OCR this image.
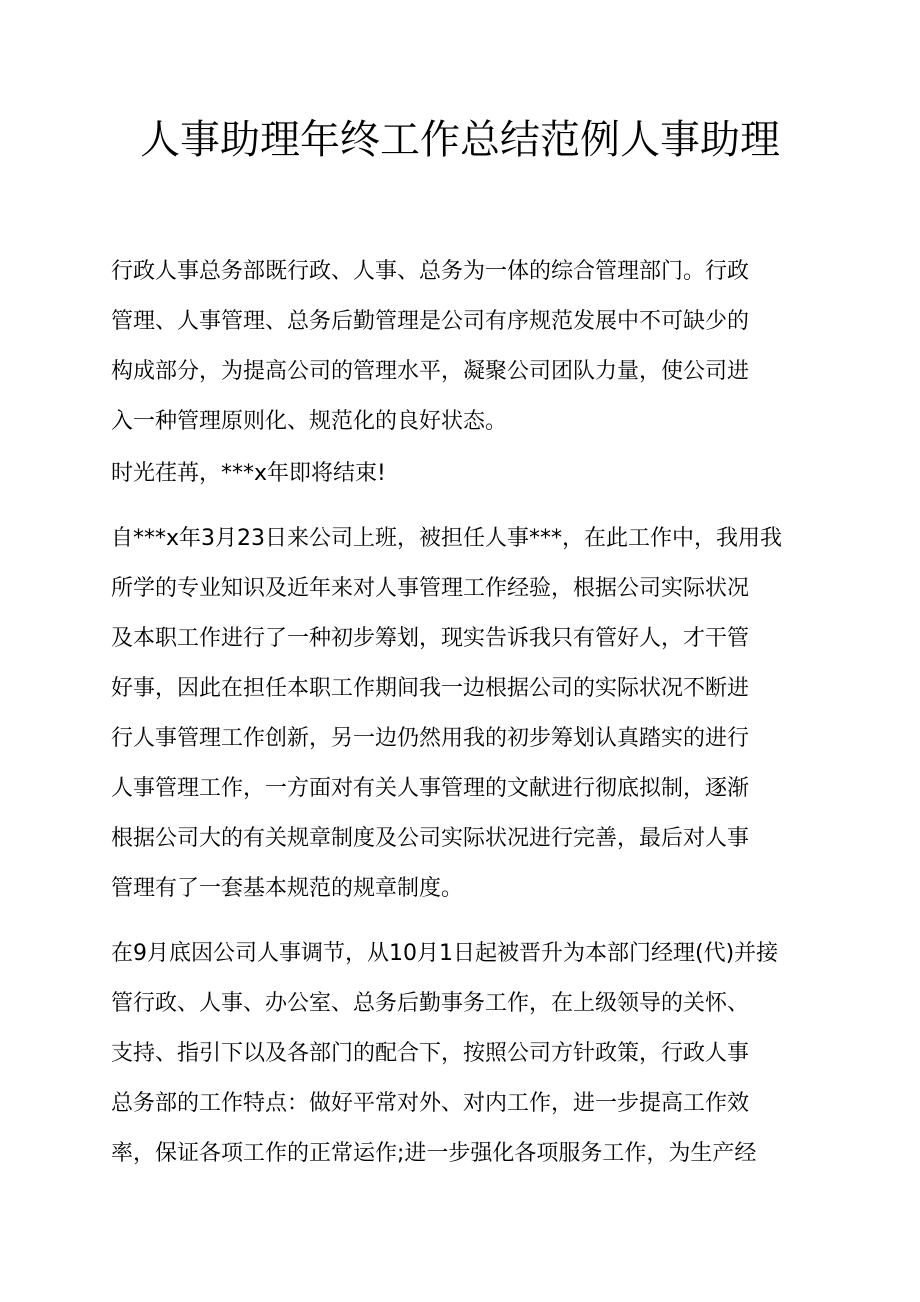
人事助理年终工作总结范例人事助理
行政人事总务部既行政、人事、总务为一体的综合管理部门。行政
管理、人事管理、总务后勤管理是公司有序规范发展中不可缺少的
构成部分，为提高公司的管理水平，凝聚公司团队力量，使公司进
入一种管理原则化、规范化的良好状态。
时光荏苒，***x年即将结束!
自***x年3月23日来公司上班，被担任人事***，在此工作中，我用我
所学的专业知识及近年来对人事管理工作经验，根据公司实际状况
及本职工作进行了一种初步筹划，现实告诉我只有管好人，才干管
好事，因此在担任本职工作期间我一边根据公司的实际状况不断进
行人事管理工作创新，另一边仍然用我的初步筹划认真踏实的进行
人事管理工作，一方面对有关人事管理的文献进行彻底拟制，逐渐
根据公司大的有关规章制度及公司实际状况进行完善，最后对人事
管理有了一套基本规范的规章制度。
在9月底因公司人事调节，从10月1日起被晋升为本部门经理(代)并接
管行政、人事、办公室、总务后勤事务工作，在上级领导的关怀、
支持、指引下以及各部门的配合下，按照公司方针政策，行政人事
总务部的工作特点：做好平常对外、对内工作，进一步提高工作效
率，保证各项工作的正常运作;进一步强化各项服务工作，为生产经
